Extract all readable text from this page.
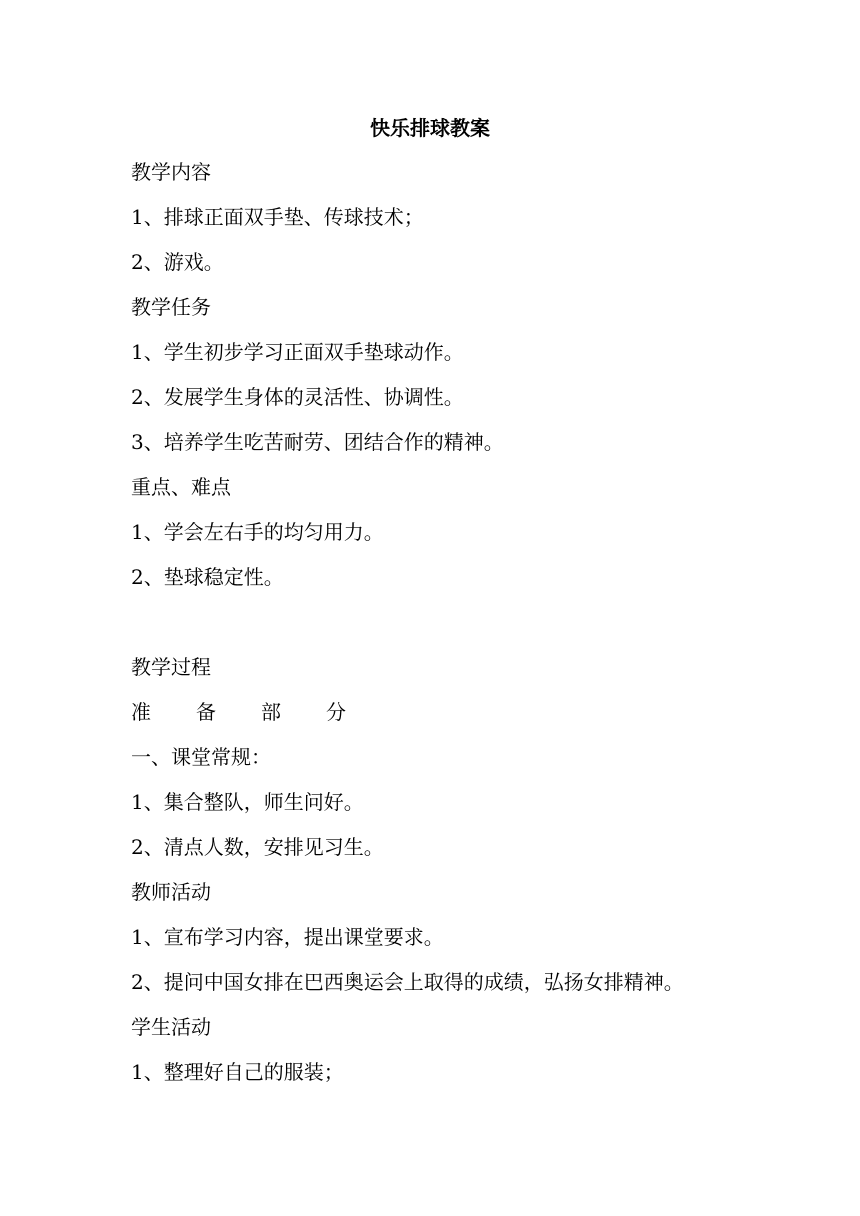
快乐排球教案
教学内容
1、排球正面双手垫、传球技术；
2、游戏。
教学任务
1、学生初步学习正面双手垫球动作。
2、发展学生身体的灵活性、协调性。
3、培养学生吃苦耐劳、团结合作的精神。
重点、难点
1、学会左右手的均匀用力。
2、垫球稳定性。
教学过程
准 备 部 分
一、课堂常规：
1、集合整队，师生问好。
2、清点人数，安排见习生。
教师活动
1、宣布学习内容，提出课堂要求。
2、提问中国女排在巴西奥运会上取得的成绩，弘扬女排精神。
学生活动
1、整理好自己的服装；
